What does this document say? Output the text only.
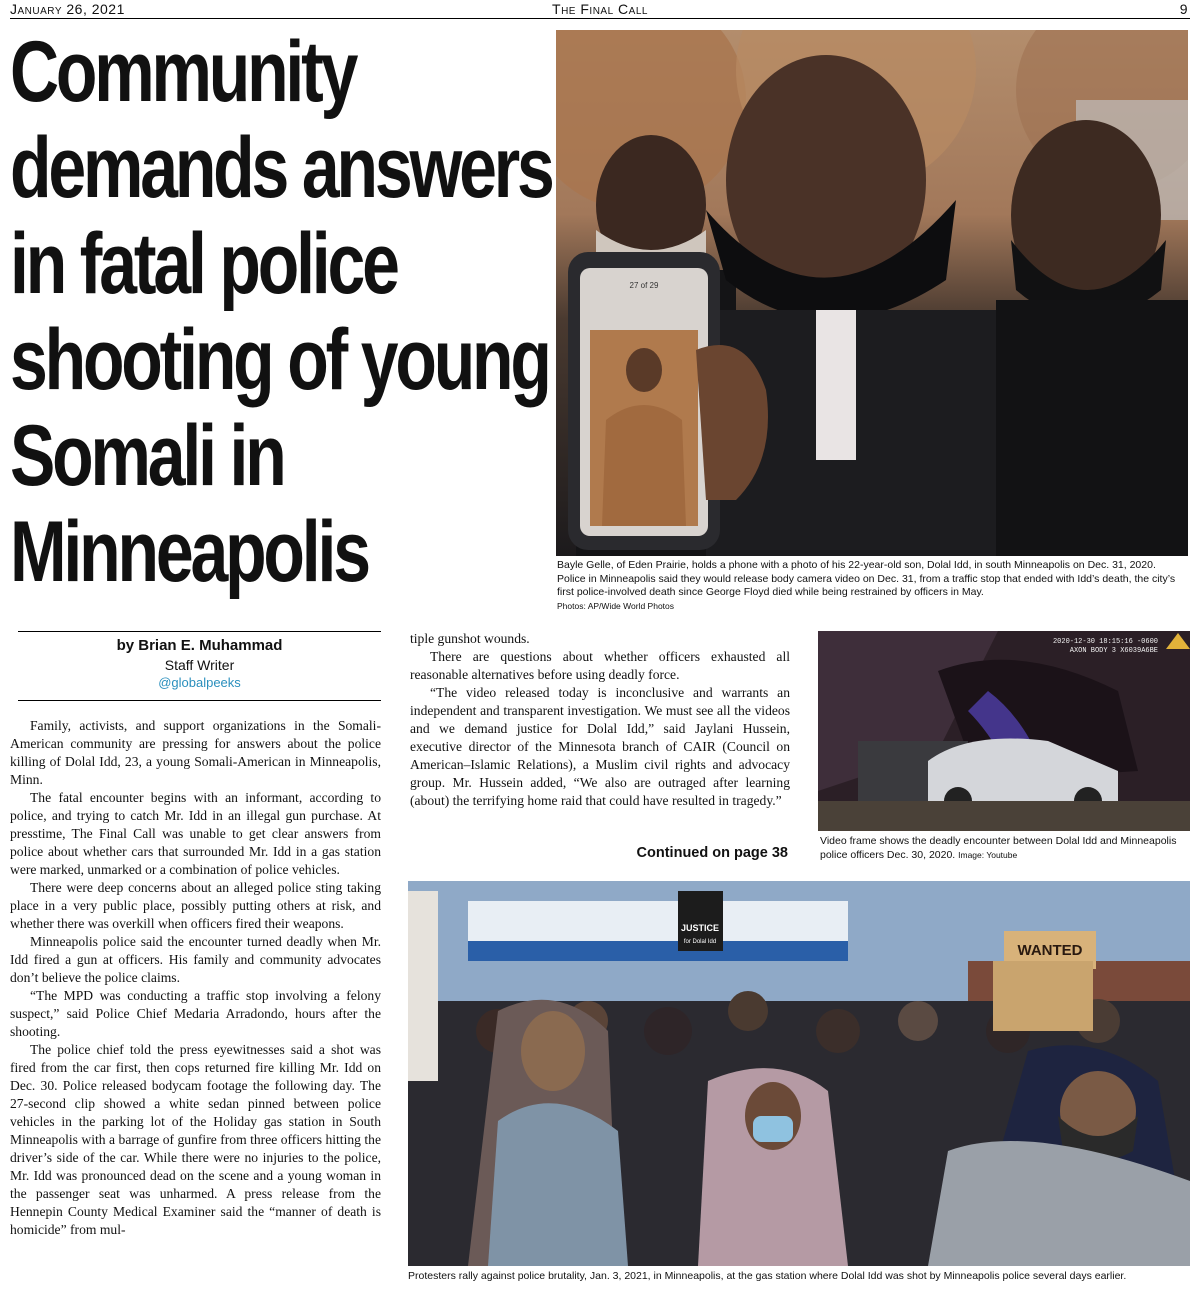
January 26, 2021	The Final Call	9
Community demands answers in fatal police shooting of young Somali in Minneapolis
27 of 29
Bayle Gelle, of Eden Prairie, holds a phone with a photo of his 22-year-old son, Dolal Idd, in south Minneapolis on Dec. 31, 2020. Police in Minneapolis said they would release body camera video on Dec. 31, from a traffic stop that ended with Idd’s death, the city’s first police-involved death since George Floyd died while being restrained by officers in May.
Photos: AP/Wide World Photos
by Brian E. Muhammad
Staff Writer
@globalpeeks

Family, activists, and support organizations in the Somali-American community are pressing for answers about the police killing of Dolal Idd, 23, a young Somali-American in Minneapolis, Minn.

The fatal encounter begins with an informant, according to police, and trying to catch Mr. Idd in an illegal gun purchase. At presstime, The Final Call was unable to get clear answers from police about whether cars that surrounded Mr. Idd in a gas station were marked, unmarked or a combination of police vehicles.

There were deep concerns about an alleged police sting taking place in a very public place, possibly putting others at risk, and whether there was overkill when officers fired their weapons.

Minneapolis police said the encounter turned deadly when Mr. Idd fired a gun at officers. His family and community advocates don’t believe the police claims.

“The MPD was conducting a traffic stop involving a felony suspect,” said Police Chief Medaria Arradondo, hours after the shooting.

The police chief told the press eyewitnesses said a shot was fired from the car first, then cops returned fire killing Mr. Idd on Dec. 30. Police released bodycam footage the following day. The 27-second clip showed a white sedan pinned between police vehicles in the parking lot of the Holiday gas station in South Minneapolis with a barrage of gunfire from three officers hitting the driver’s side of the car. While there were no injuries to the police, Mr. Idd was pronounced dead on the scene and a young woman in the passenger seat was unharmed. A press release from the Hennepin County Medical Examiner said the “manner of death is homicide” from mul-

tiple gunshot wounds.

There are questions about whether officers exhausted all reasonable alternatives before using deadly force.

“The video released today is inconclusive and warrants an independent and transparent investigation. We must see all the videos and we demand justice for Dolal Idd,” said Jaylani Hussein, executive director of the Minnesota branch of CAIR (Council on American–Islamic Relations), a Muslim civil rights and advocacy group. Mr. Hussein added, “We also are outraged after learning (about) the terrifying home raid that could have resulted in tragedy.”

Continued on page 38
2020-12-30 18:15:16 -0600
AXON BODY 3 X6039A6BE
Video frame shows the deadly encounter between Dolal Idd and Minneapolis police officers Dec. 30, 2020. Image: Youtube
JUSTICE
for Dolal Idd	WANTED
Protesters rally against police brutality, Jan. 3, 2021, in Minneapolis, at the gas station where Dolal Idd was shot by Minneapolis police several days earlier.
